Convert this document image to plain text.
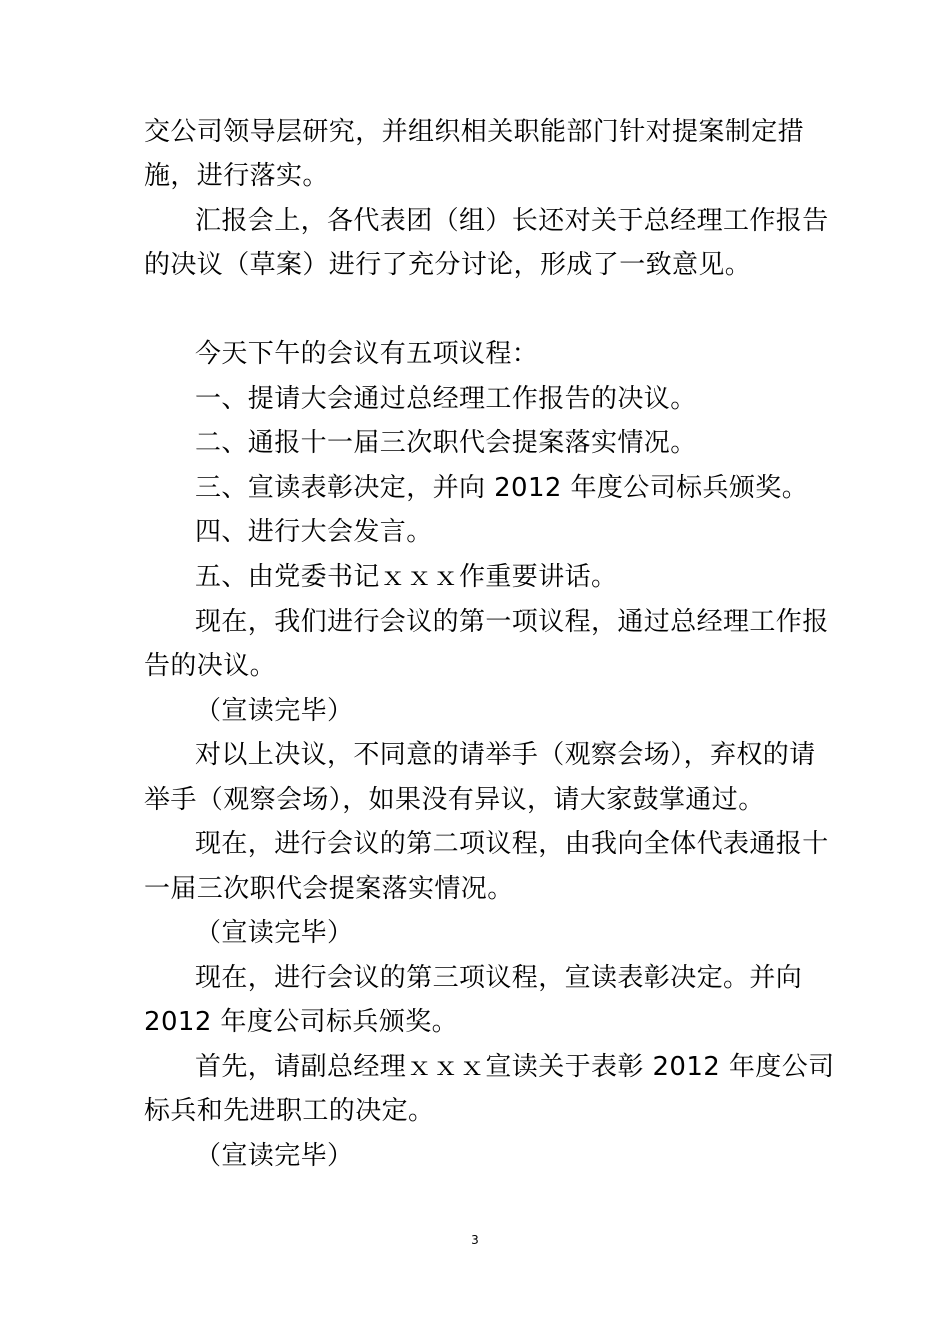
交公司领导层研究，并组织相关职能部门针对提案制定措
施，进行落实。
汇报会上，各代表团（组）长还对关于总经理工作报告
的决议（草案）进行了充分讨论，形成了一致意见。
今天下午的会议有五项议程：
一、提请大会通过总经理工作报告的决议。
二、通报十一届三次职代会提案落实情况。
三、宣读表彰决定，并向 2012 年度公司标兵颁奖。
四、进行大会发言。
五、由党委书记ｘｘｘ作重要讲话。
现在，我们进行会议的第一项议程，通过总经理工作报
告的决议。
（宣读完毕）
对以上决议，不同意的请举手（观察会场），弃权的请
举手（观察会场），如果没有异议，请大家鼓掌通过。
现在，进行会议的第二项议程，由我向全体代表通报十
一届三次职代会提案落实情况。
（宣读完毕）
现在，进行会议的第三项议程，宣读表彰决定。并向
2012 年度公司标兵颁奖。
首先，请副总经理ｘｘｘ宣读关于表彰 2012 年度公司
标兵和先进职工的决定。
（宣读完毕）
3
